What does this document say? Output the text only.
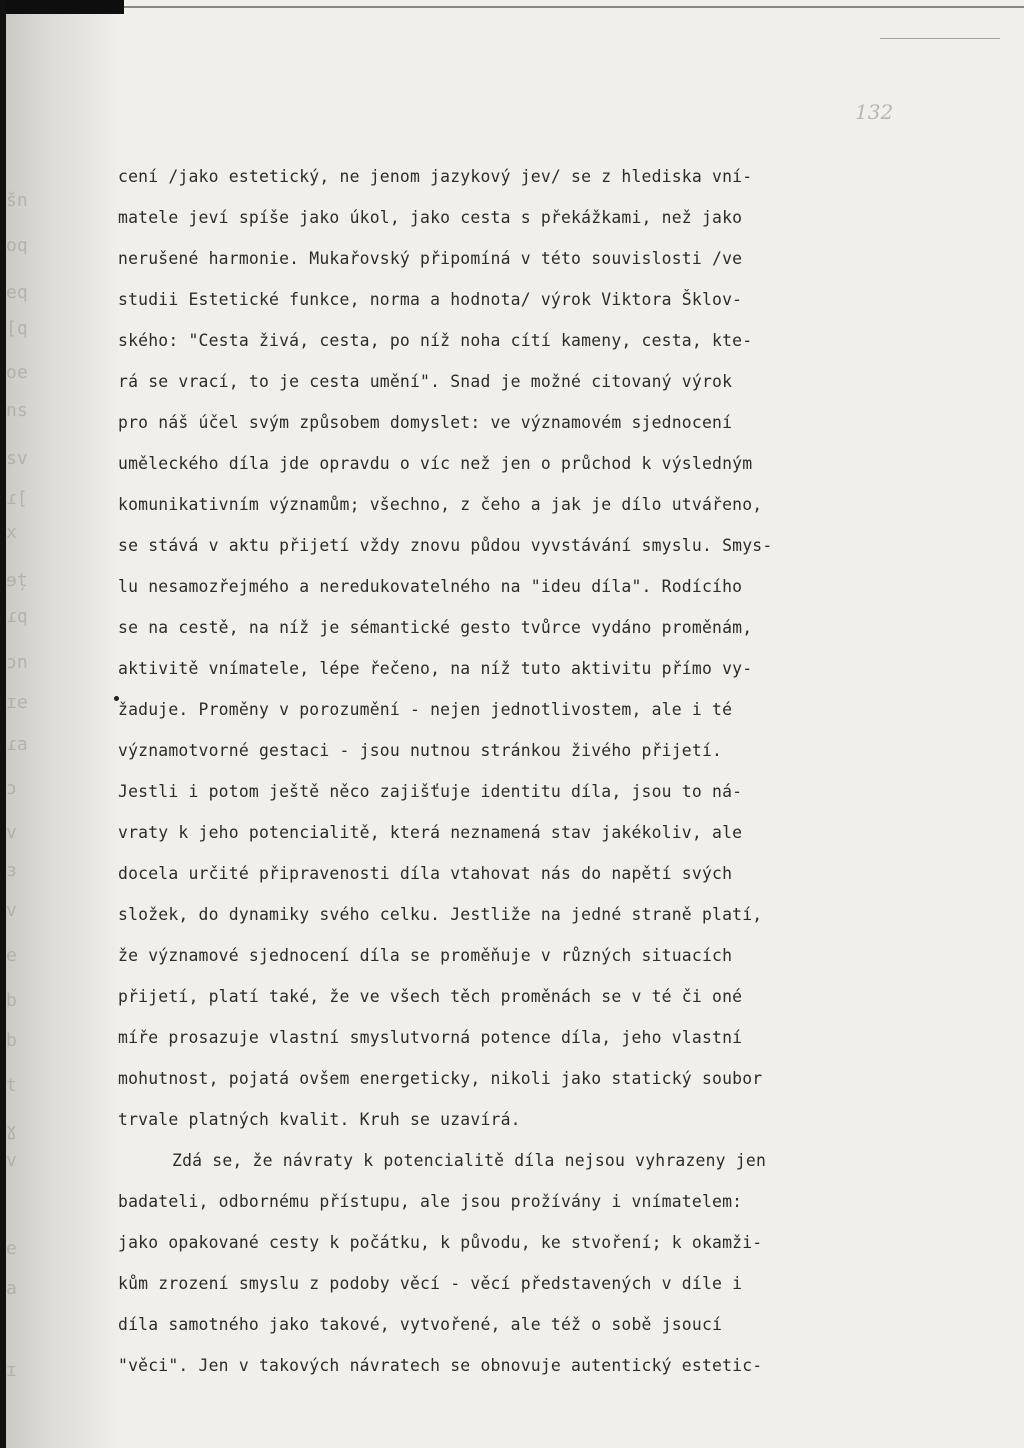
šn
oq
eq
[q
oe
ns
sv
ɾ[
x
ɘț
ɾq
ɔn
ɪe
ɾa
ɔ
v
ɜ
v
e
b
b
t
ɣ
v
e
a
ɪ
132
cení /jako estetický, ne jenom jazykový jev/ se z hlediska vní-
matele jeví spíše jako úkol, jako cesta s překážkami, než jako
nerušené harmonie. Mukařovský připomíná v této souvislosti /ve
studii Estetické funkce, norma a hodnota/ výrok Viktora Šklov-
ského: "Cesta živá, cesta, po níž noha cítí kameny, cesta, kte-
rá se vrací, to je cesta umění". Snad je možné citovaný výrok
pro náš účel svým způsobem domyslet: ve významovém sjednocení
uměleckého díla jde opravdu o víc než jen o průchod k výsledným
komunikativním významům; všechno, z čeho a jak je dílo utvářeno,
se stává v aktu přijetí vždy znovu půdou vyvstávání smyslu. Smys-
lu nesamozřejmého a neredukovatelného na "ideu díla". Rodícího
se na cestě, na níž je sémantické gesto tvůrce vydáno proměnám,
aktivitě vnímatele, lépe řečeno, na níž tuto aktivitu přímo vy-
žaduje. Proměny v porozumění - nejen jednotlivostem, ale i té
významotvorné gestaci - jsou nutnou stránkou živého přijetí.
Jestli i potom ještě něco zajišťuje identitu díla, jsou to ná-
vraty k jeho potencialitě, která neznamená stav jakékoliv, ale
docela určité připravenosti díla vtahovat nás do napětí svých
složek, do dynamiky svého celku. Jestliže na jedné straně platí,
že významové sjednocení díla se proměňuje v různých situacích
přijetí, platí také, že ve všech těch proměnách se v té či oné
míře prosazuje vlastní smyslutvorná potence díla, jeho vlastní
mohutnost, pojatá ovšem energeticky, nikoli jako statický soubor
trvale platných kvalit. Kruh se uzavírá.
Zdá se, že návraty k potencialitě díla nejsou vyhrazeny jen
badateli, odbornému přístupu, ale jsou prožívány i vnímatelem:
jako opakované cesty k počátku, k původu, ke stvoření; k okamži-
kům zrození smyslu z podoby věcí - věcí představených v díle i
díla samotného jako takové, vytvořené, ale též o sobě jsoucí
"věci". Jen v takových návratech se obnovuje autentický estetic-
